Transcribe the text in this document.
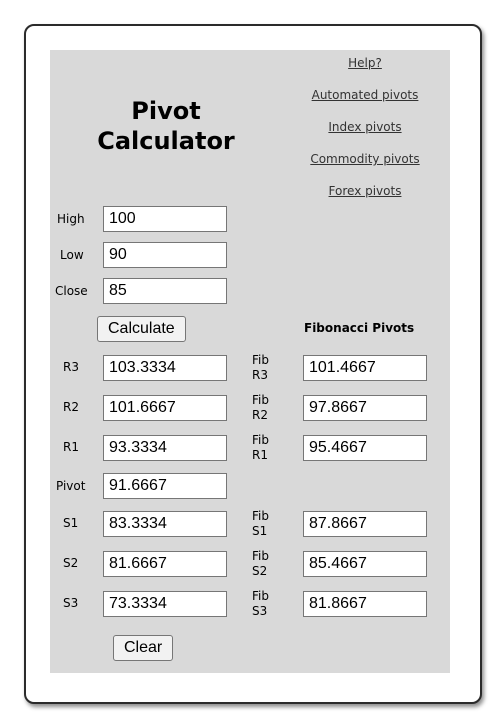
Pivot
Calculator
Help?
Automated pivots
Index pivots
Commodity pivots
Forex pivots
High
100
Low
90
Close
85
Calculate	Fibonacci Pivots
R3
103.3334
R2
101.6667
R1
93.3334
Pivot
91.6667
S1
83.3334
S2
81.6667
S3
73.3334
Fib
R3
101.4667
Fib
R2
97.8667
Fib
R1
95.4667
Fib
S1
87.8667
Fib
S2
85.4667
Fib
S3
81.8667
Clear
